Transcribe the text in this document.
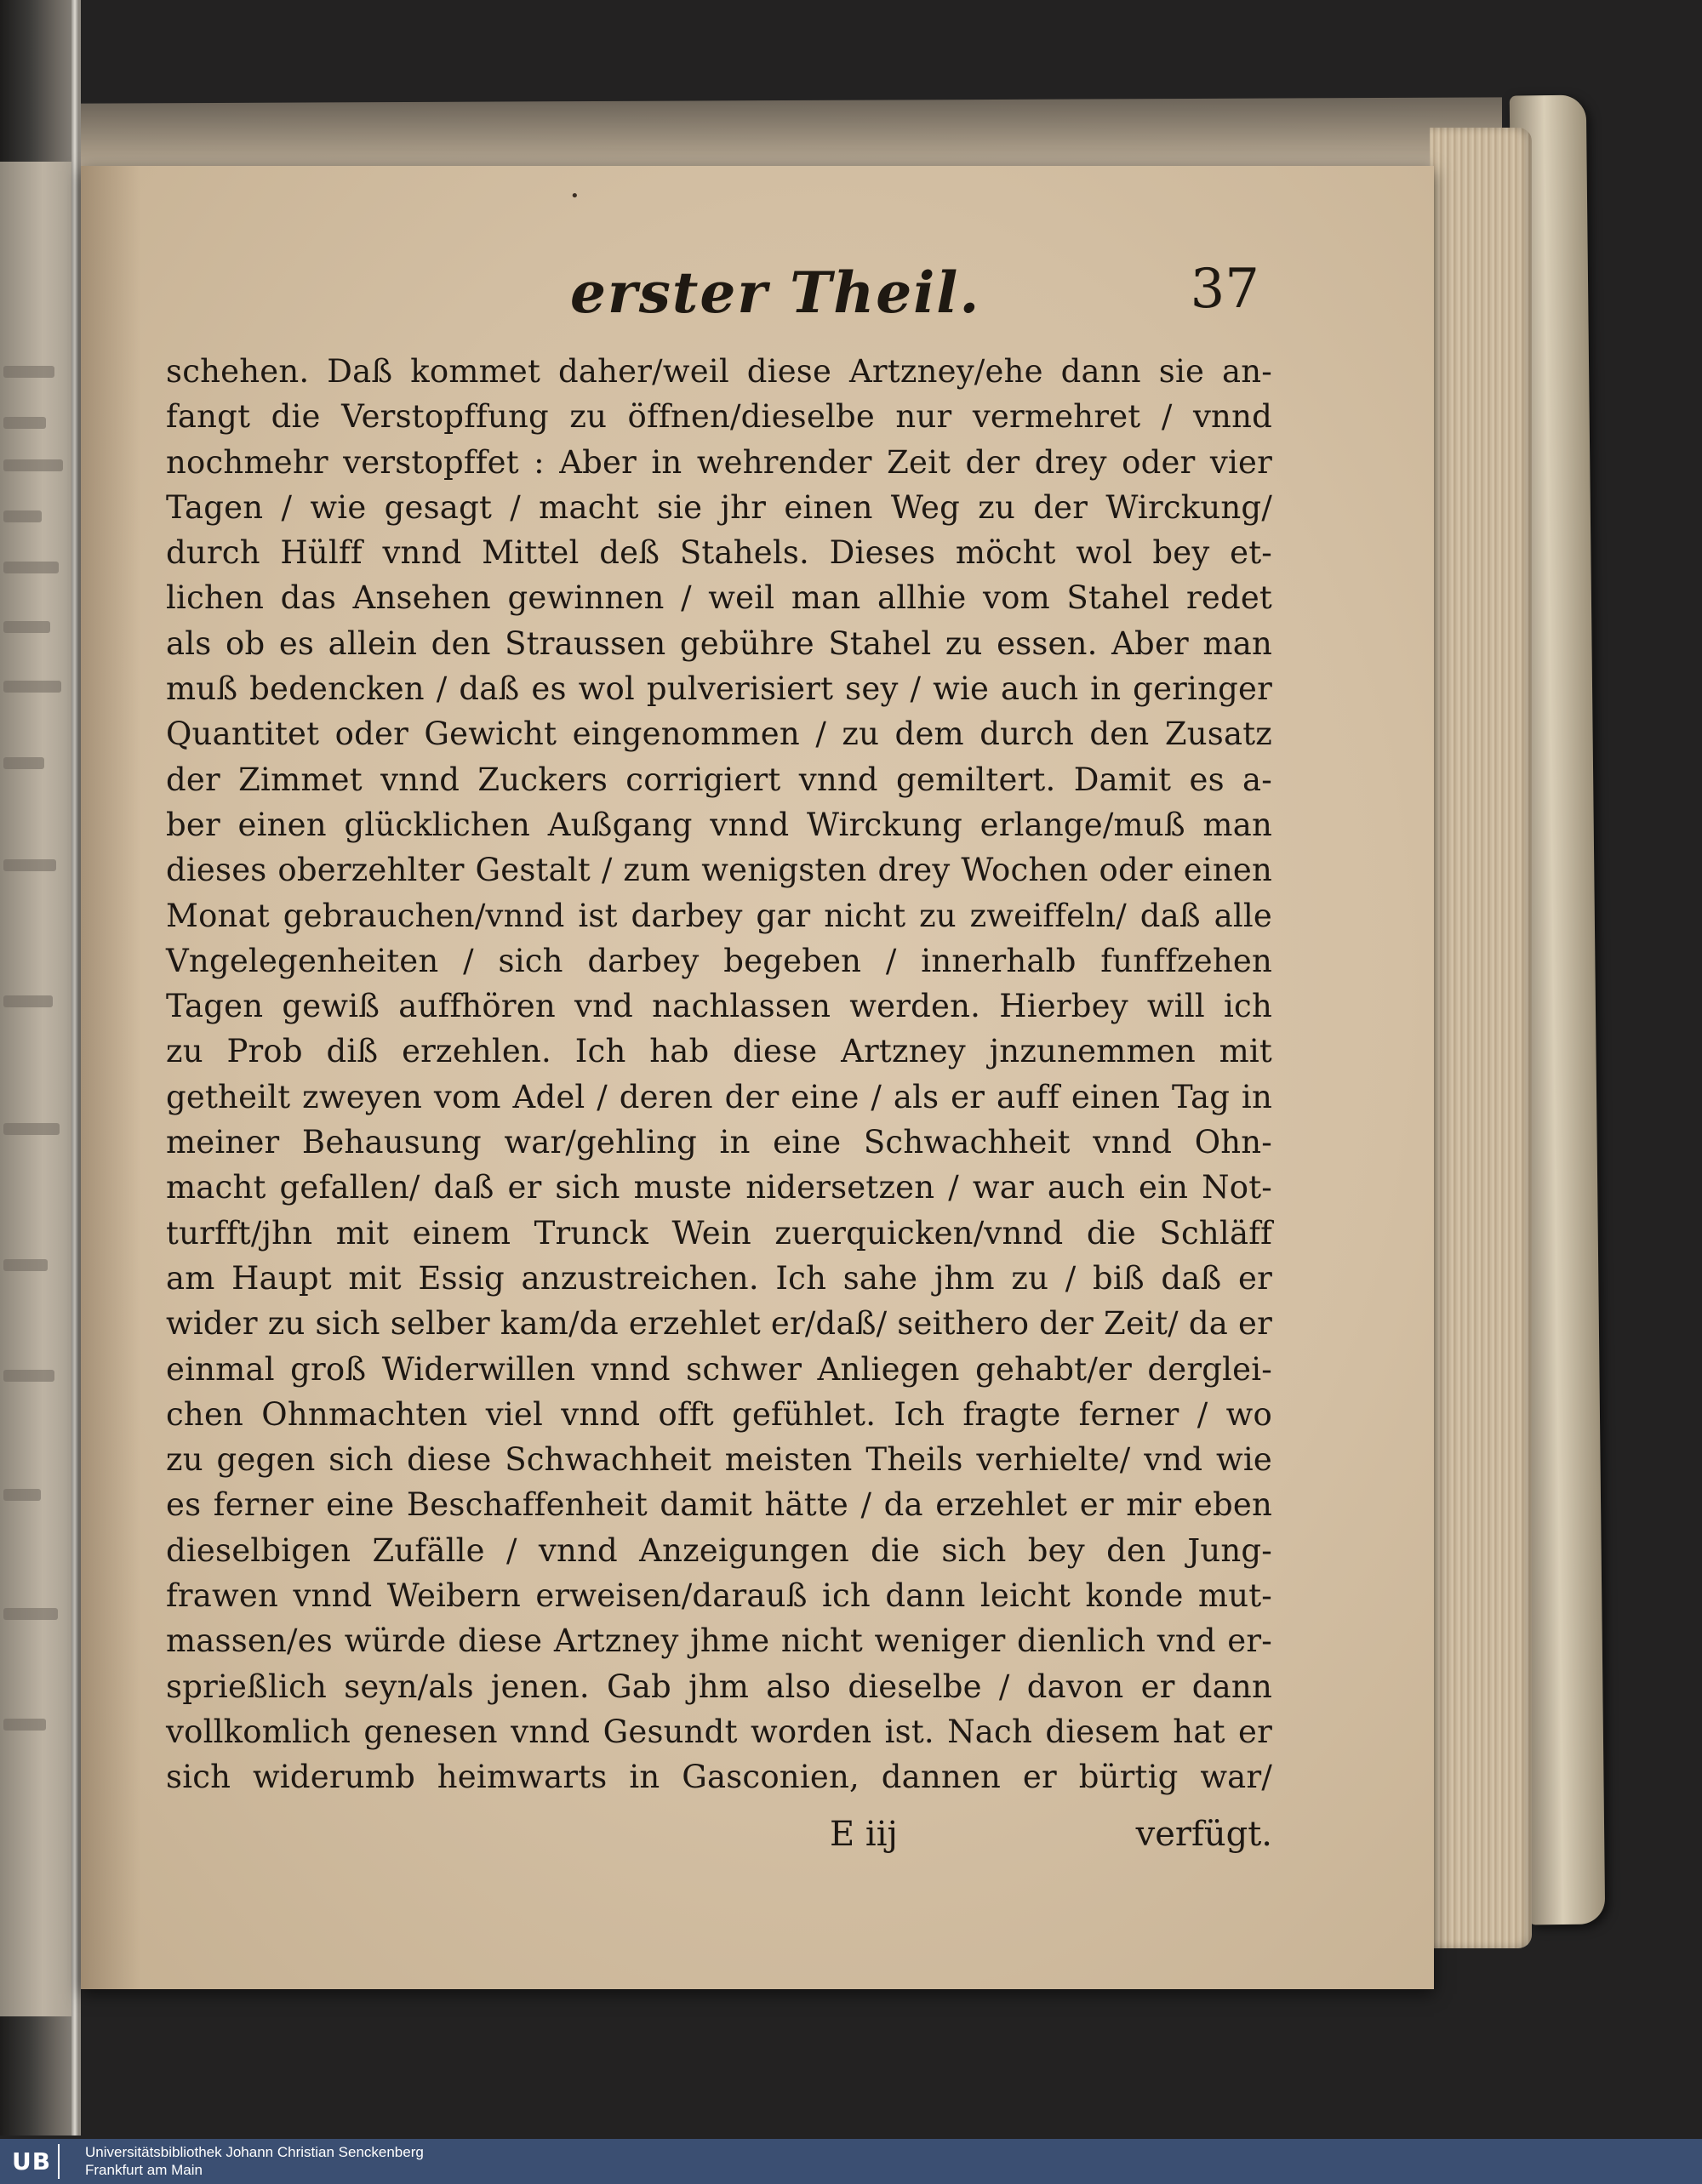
•
erster Theil.	37
schehen. Daß kommet daher/weil diese Artzney/ehe dann sie an-
fangt die Verstopffung zu öffnen/dieselbe nur vermehret / vnnd
nochmehr verstopffet : Aber in wehrender Zeit der drey oder vier
Tagen / wie gesagt / macht sie jhr einen Weg zu der Wirckung/
durch Hülff vnnd Mittel deß Stahels. Dieses möcht wol bey et-
lichen das Ansehen gewinnen / weil man allhie vom Stahel redet
als ob es allein den Straussen gebühre Stahel zu essen. Aber man
muß bedencken / daß es wol pulverisiert sey / wie auch in geringer
Quantitet oder Gewicht eingenommen / zu dem durch den Zusatz
der Zimmet vnnd Zuckers corrigiert vnnd gemiltert. Damit es a-
ber einen glücklichen Außgang vnnd Wirckung erlange/muß man
dieses oberzehlter Gestalt / zum wenigsten drey Wochen oder einen
Monat gebrauchen/vnnd ist darbey gar nicht zu zweiffeln/ daß alle
Vngelegenheiten / sich darbey begeben / innerhalb funffzehen
Tagen gewiß auffhören vnd nachlassen werden. Hierbey will ich
zu Prob diß erzehlen. Ich hab diese Artzney jnzunemmen mit
getheilt zweyen vom Adel / deren der eine / als er auff einen Tag in
meiner Behausung war/gehling in eine Schwachheit vnnd Ohn-
macht gefallen/ daß er sich muste nidersetzen / war auch ein Not-
turfft/jhn mit einem Trunck Wein zuerquicken/vnnd die Schläff
am Haupt mit Essig anzustreichen. Ich sahe jhm zu / biß daß er
wider zu sich selber kam/da erzehlet er/daß/ seithero der Zeit/ da er
einmal groß Widerwillen vnnd schwer Anliegen gehabt/er derglei-
chen Ohnmachten viel vnnd offt gefühlet. Ich fragte ferner / wo
zu gegen sich diese Schwachheit meisten Theils verhielte/ vnd wie
es ferner eine Beschaffenheit damit hätte / da erzehlet er mir eben
dieselbigen Zufälle / vnnd Anzeigungen die sich bey den Jung-
frawen vnnd Weibern erweisen/darauß ich dann leicht konde mut-
massen/es würde diese Artzney jhme nicht weniger dienlich vnd er-
sprießlich seyn/als jenen. Gab jhm also dieselbe / davon er dann
vollkomlich genesen vnnd Gesundt worden ist. Nach diesem hat er
sich widerumb heimwarts in Gasconien, dannen er bürtig war/
E iij	verfügt.
UB	Universitätsbibliothek Johann Christian Senckenberg
Frankfurt am Main
